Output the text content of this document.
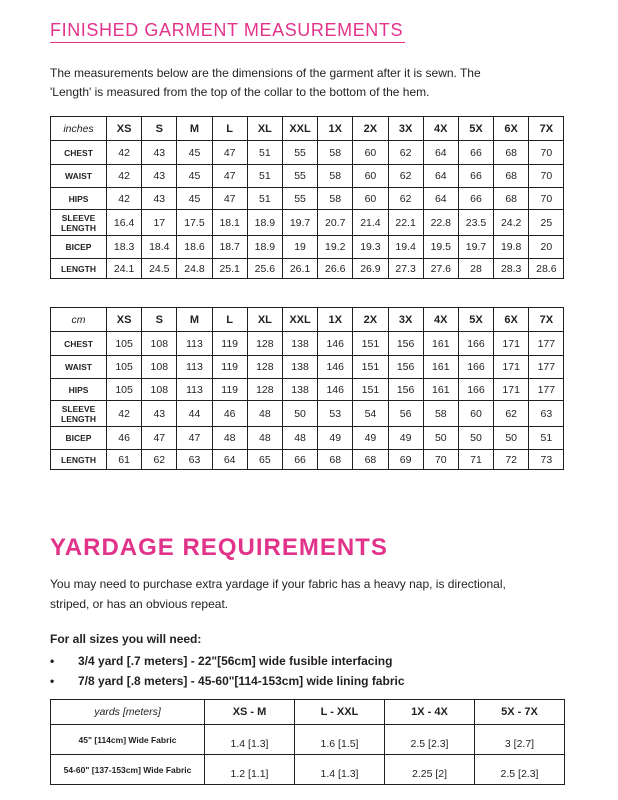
FINISHED GARMENT MEASUREMENTS
The measurements below are the dimensions of the garment after it is sewn. The
'Length' is measured from the top of the collar to the bottom of the hem.
inches	XS	S	M	L	XL	XXL	1X	2X	3X	4X	5X	6X	7X
CHEST	42	43	45	47	51	55	58	60	62	64	66	68	70
WAIST	42	43	45	47	51	55	58	60	62	64	66	68	70
HIPS	42	43	45	47	51	55	58	60	62	64	66	68	70

SLEEVE
LENGTH	16.4	17	17.5	18.1	18.9	19.7	20.7	21.4	22.1	22.8	23.5	24.2	25
BICEP	18.3	18.4	18.6	18.7	18.9	19	19.2	19.3	19.4	19.5	19.7	19.8	20
LENGTH	24.1	24.5	24.8	25.1	25.6	26.1	26.6	26.9	27.3	27.6	28	28.3	28.6
cm	XS	S	M	L	XL	XXL	1X	2X	3X	4X	5X	6X	7X
CHEST	105	108	113	119	128	138	146	151	156	161	166	171	177
WAIST	105	108	113	119	128	138	146	151	156	161	166	171	177
HIPS	105	108	113	119	128	138	146	151	156	161	166	171	177

SLEEVE
LENGTH	42	43	44	46	48	50	53	54	56	58	60	62	63
BICEP	46	47	47	48	48	48	49	49	49	50	50	50	51
LENGTH	61	62	63	64	65	66	68	68	69	70	71	72	73
YARDAGE REQUIREMENTS
You may need to purchase extra yardage if your fabric has a heavy nap, is directional,
striped, or has an obvious repeat.
For all sizes you will need:
• 3/4 yard [.7 meters] - 22"[56cm] wide fusible interfacing
• 7/8 yard [.8 meters] - 45-60"[114-153cm] wide lining fabric
yards [meters]	XS - M	L - XXL	1X - 4X	5X - 7X
45" [114cm] Wide Fabric	1.4 [1.3]	1.6 [1.5]	2.5 [2.3]	3 [2.7]
54-60" [137-153cm] Wide Fabric	1.2 [1.1]	1.4 [1.3]	2.25 [2]	2.5 [2.3]
